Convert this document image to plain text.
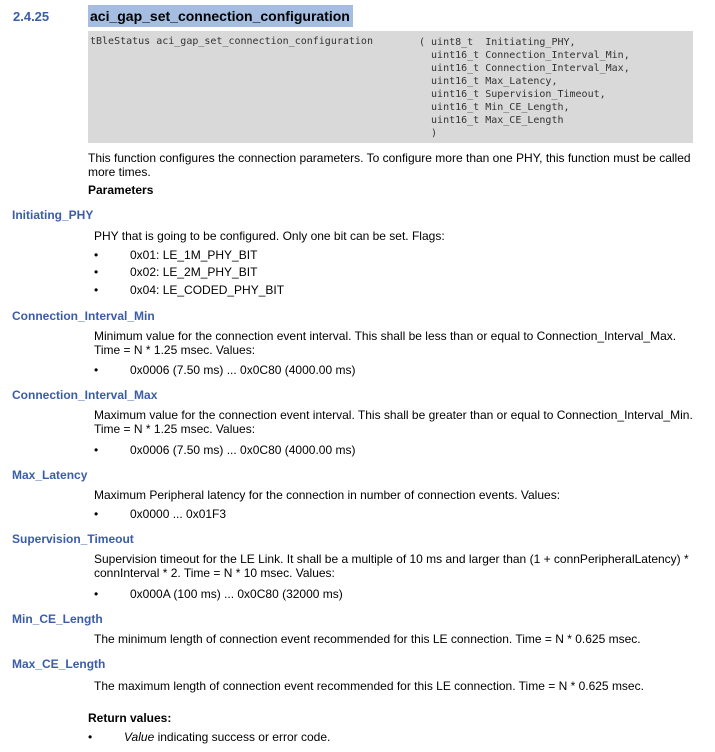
2.4.25	aci_gap_set_connection_configuration
tBleStatus aci_gap_set_connection_configuration	( uint8_t  Initiating_PHY,
uint16_t Connection_Interval_Min,
uint16_t Connection_Interval_Max,
uint16_t Max_Latency,
uint16_t Supervision_Timeout,
uint16_t Min_CE_Length,
uint16_t Max_CE_Length
)
This function configures the connection parameters. To configure more than one PHY, this function must be called more times.
Parameters
Initiating_PHY
PHY that is going to be configured. Only one bit can be set. Flags:
•	0x01: LE_1M_PHY_BIT
•	0x02: LE_2M_PHY_BIT
•	0x04: LE_CODED_PHY_BIT
Connection_Interval_Min
Minimum value for the connection event interval. This shall be less than or equal to Connection_Interval_Max. Time = N * 1.25 msec. Values:
•	0x0006 (7.50 ms) ... 0x0C80 (4000.00 ms)
Connection_Interval_Max
Maximum value for the connection event interval. This shall be greater than or equal to Connection_Interval_Min. Time = N * 1.25 msec. Values:
•	0x0006 (7.50 ms) ... 0x0C80 (4000.00 ms)
Max_Latency
Maximum Peripheral latency for the connection in number of connection events. Values:
•	0x0000 ... 0x01F3
Supervision_Timeout
Supervision timeout for the LE Link. It shall be a multiple of 10 ms and larger than (1 + connPeripheralLatency) * connInterval * 2. Time = N * 10 msec. Values:
•	0x000A (100 ms) ... 0x0C80 (32000 ms)
Min_CE_Length
The minimum length of connection event recommended for this LE connection. Time = N * 0.625 msec.
Max_CE_Length
The maximum length of connection event recommended for this LE connection. Time = N * 0.625 msec.
Return values:
•	Value indicating success or error code.
